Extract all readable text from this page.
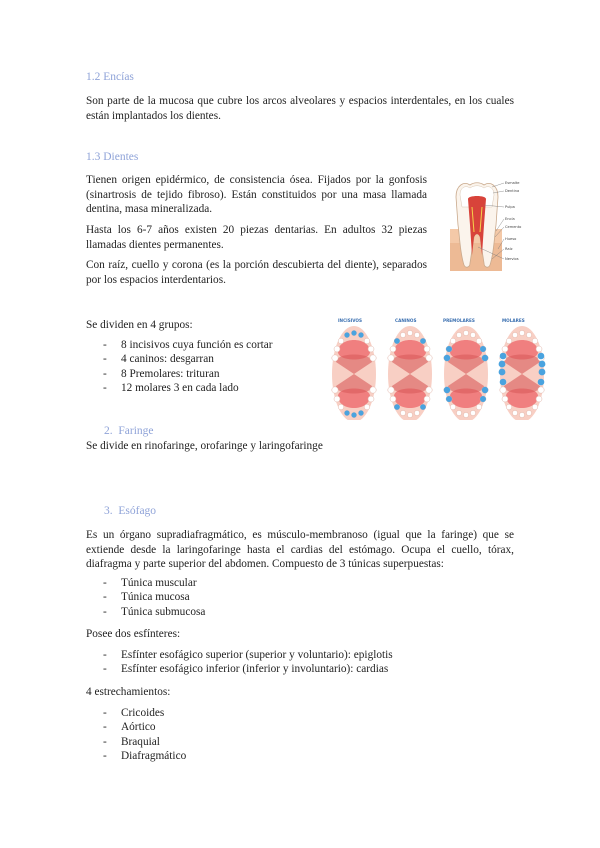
1.2 Encías
Son parte de la mucosa que cubre los arcos alveolares y espacios interdentales, en los cuales están implantados los dientes.
1.3 Dientes
Tienen origen epidérmico, de consistencia ósea. Fijados por la gonfosis (sinartrosis de tejido fibroso). Están constituidos por una masa llamada dentina, masa mineralizada.
Hasta los 6-7 años existen 20 piezas dentarias. En adultos 32 piezas llamadas dientes permanentes.
Con raíz, cuello y corona (es la porción descubierta del diente), separados por los espacios interdentarios.
Esmalte
Dentina
Pulpa
Encía
Cemento
Hueso
Raíz
Nervios
Se dividen en 4 grupos:
- 8 incisivos cuya función es cortar
- 4 caninos: desgarran
- 8 Premolares: trituran
- 12 molares 3 en cada lado
INCISIVOS	CANINOS	PREMOLARES	MOLARES
2. Faringe
Se divide en rinofaringe, orofaringe y laringofaringe
3. Esófago
Es un órgano supradiafragmático, es músculo-membranoso (igual que la faringe) que se extiende desde la laringofaringe hasta el cardias del estómago. Ocupa el cuello, tórax, diafragma y parte superior del abdomen. Compuesto de 3 túnicas superpuestas:
- Túnica muscular
- Túnica mucosa
- Túnica submucosa
Posee dos esfínteres:
- Esfínter esofágico superior (superior y voluntario): epiglotis
- Esfínter esofágico inferior (inferior y involuntario): cardias
4 estrechamientos:
- Cricoides
- Aórtico
- Braquial
- Diafragmático
